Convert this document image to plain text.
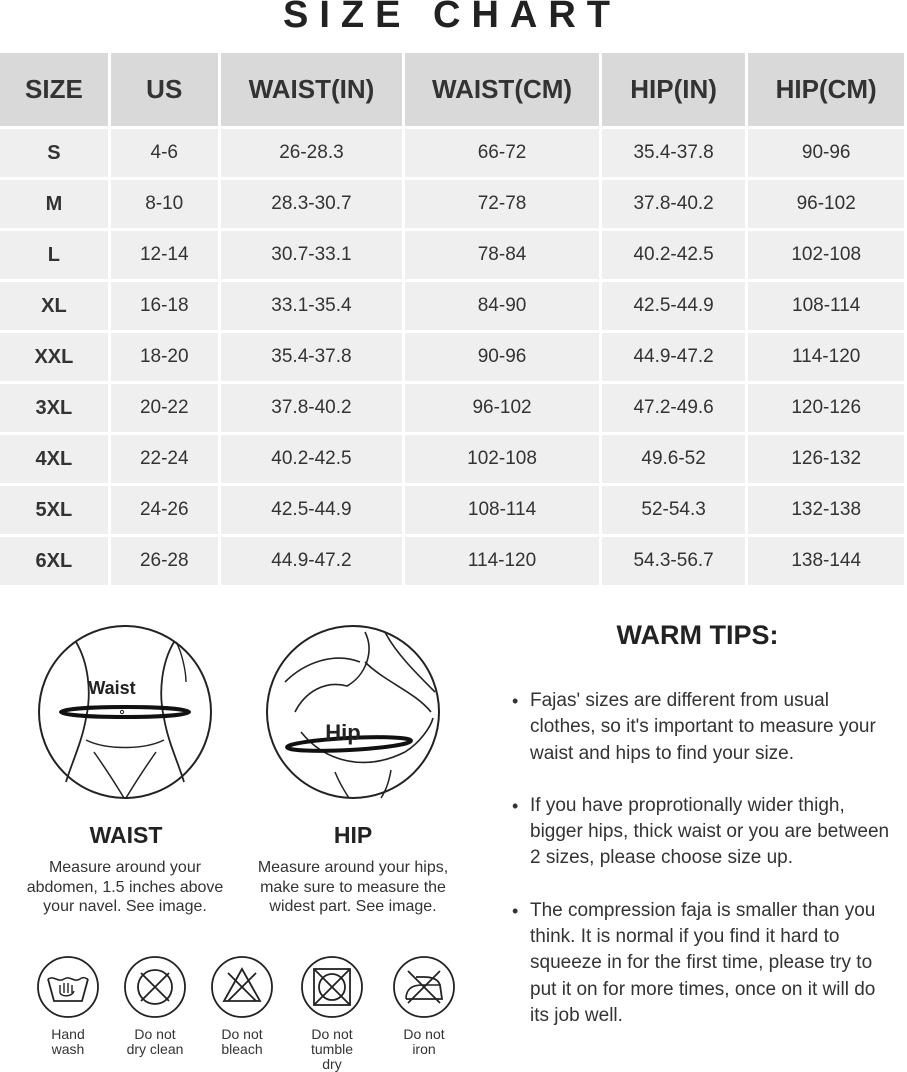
SIZE CHART
SIZE	US	WAIST(IN)	WAIST(CM)	HIP(IN)	HIP(CM)
S	4-6	26-28.3	66-72	35.4-37.8	90-96
M	8-10	28.3-30.7	72-78	37.8-40.2	96-102
L	12-14	30.7-33.1	78-84	40.2-42.5	102-108
XL	16-18	33.1-35.4	84-90	42.5-44.9	108-114
XXL	18-20	35.4-37.8	90-96	44.9-47.2	114-120
3XL	20-22	37.8-40.2	96-102	47.2-49.6	120-126
4XL	22-24	40.2-42.5	102-108	49.6-52	126-132
5XL	24-26	42.5-44.9	108-114	52-54.3	132-138
6XL	26-28	44.9-47.2	114-120	54.3-56.7	138-144
Waist
Hip
WAIST
Measure around your
abdomen, 1.5 inches above
your navel. See image.
HIP
Measure around your hips,
make sure to measure the
widest part. See image.
Hand
wash
Do not
dry clean
Do not
bleach
Do not
tumble dry
Do not
iron
WARM TIPS:
• Fajas' sizes are different from usual clothes, so it's important to measure your waist and hips to find your size.
• If you have proprotionally wider thigh, bigger hips, thick waist or you are between 2 sizes, please choose size up.
• The compression faja is smaller than you think. It is normal if you find it hard to squeeze in for the first time, please try to put it on for more times, once on it will do its job well.
